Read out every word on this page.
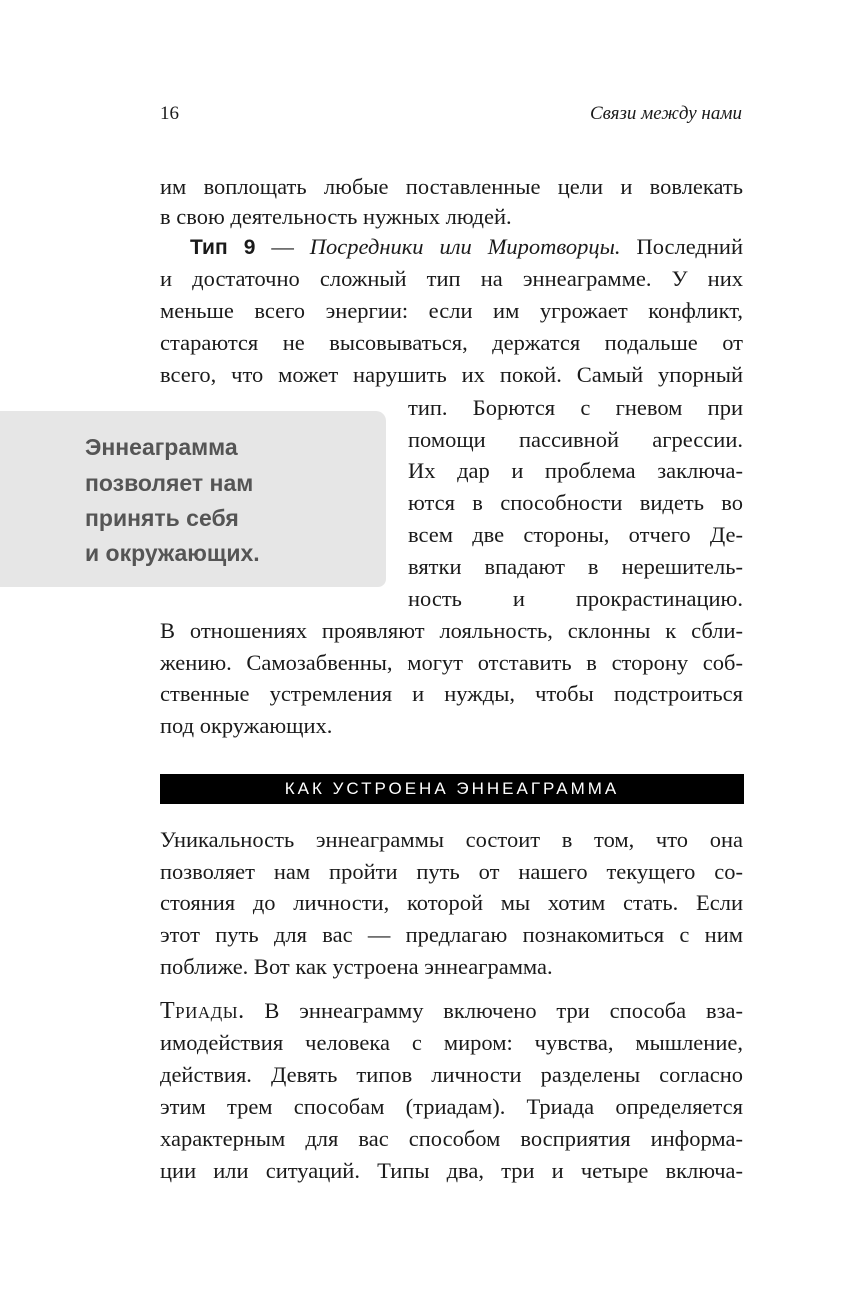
16	Связи между нами
им воплощать любые поставленные цели и вовлекать
в свою деятельность нужных людей.
Тип 9 — Посредники или Миротворцы. Последний
и достаточно сложный тип на эннеаграмме. У них
меньше всего энергии: если им угрожает конфликт,
стараются не высовываться, держатся подальше от
всего, что может нарушить их покой. Самый упорный
Эннеаграмма
позволяет нам
принять себя
и окружающих.
тип. Борются с гневом при
помощи пассивной агрессии.
Их дар и проблема заключа-
ются в способности видеть во
всем две стороны, отчего Де-
вятки впадают в нерешитель-
ность и прокрастинацию.
В отношениях проявляют лояльность, склонны к сбли-
жению. Самозабвенны, могут отставить в сторону соб-
ственные устремления и нужды, чтобы подстроиться
под окружающих.
КАК УСТРОЕНА ЭННЕАГРАММА
Уникальность эннеаграммы состоит в том, что она
позволяет нам пройти путь от нашего текущего со-
стояния до личности, которой мы хотим стать. Если
этот путь для вас — предлагаю познакомиться с ним
поближе. Вот как устроена эннеаграмма.
Триады. В эннеаграмму включено три способа вза-
имодействия человека с миром: чувства, мышление,
действия. Девять типов личности разделены согласно
этим трем способам (триадам). Триада определяется
характерным для вас способом восприятия информа-
ции или ситуаций. Типы два, три и четыре включа-
